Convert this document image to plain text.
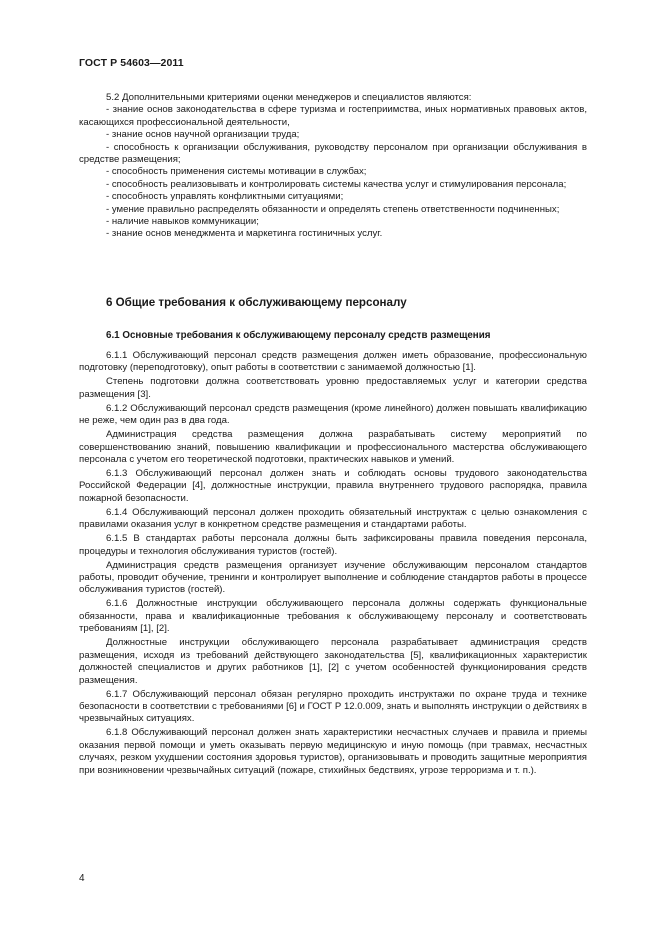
ГОСТ Р 54603—2011

5.2 Дополнительными критериями оценки менеджеров и специалистов являются:

- знание основ законодательства в сфере туризма и гостеприимства, иных нормативных правовых актов, касающихся профессиональной деятельности,

- знание основ научной организации труда;

- способность к организации обслуживания, руководству персоналом при организации обслуживания в средстве размещения;

- способность применения системы мотивации в службах;

- способность реализовывать и контролировать системы качества услуг и стимулирования персонала;

- способность управлять конфликтными ситуациями;

- умение правильно распределять обязанности и определять степень ответственности подчиненных;

- наличие навыков коммуникации;

- знание основ менеджмента и маркетинга гостиничных услуг.

6 Общие требования к обслуживающему персоналу
6.1 Основные требования к обслуживающему персоналу средств размещения

6.1.1 Обслуживающий персонал средств размещения должен иметь образование, профессиональную подготовку (переподготовку), опыт работы в соответствии с занимаемой должностью [1].

Степень подготовки должна соответствовать уровню предоставляемых услуг и категории средства размещения [3].

6.1.2 Обслуживающий персонал средств размещения (кроме линейного) должен повышать квалификацию не реже, чем один раз в два года.

Администрация средства размещения должна разрабатывать систему мероприятий по совершенствованию знаний, повышению квалификации и профессионального мастерства обслуживающего персонала с учетом его теоретической подготовки, практических навыков и умений.

6.1.3 Обслуживающий персонал должен знать и соблюдать основы трудового законодательства Российской Федерации [4], должностные инструкции, правила внутреннего трудового распорядка, правила пожарной безопасности.

6.1.4 Обслуживающий персонал должен проходить обязательный инструктаж с целью ознакомления с правилами оказания услуг в конкретном средстве размещения и стандартами работы.

6.1.5 В стандартах работы персонала должны быть зафиксированы правила поведения персонала, процедуры и технология обслуживания туристов (гостей).

Администрация средств размещения организует изучение обслуживающим персоналом стандартов работы, проводит обучение, тренинги и контролирует выполнение и соблюдение стандартов работы в процессе обслуживания туристов (гостей).

6.1.6 Должностные инструкции обслуживающего персонала должны содержать функциональные обязанности, права и квалификационные требования к обслуживающему персоналу и соответствовать требованиям [1], [2].

Должностные инструкции обслуживающего персонала разрабатывает администрация средств размещения, исходя из требований действующего законодательства [5], квалификационных характеристик должностей специалистов и других работников [1], [2] с учетом особенностей функционирования средств размещения.

6.1.7 Обслуживающий персонал обязан регулярно проходить инструктажи по охране труда и технике безопасности в соответствии с требованиями [6] и ГОСТ Р 12.0.009, знать и выполнять инструкции о действиях в чрезвычайных ситуациях.

6.1.8 Обслуживающий персонал должен знать характеристики несчастных случаев и правила и приемы оказания первой помощи и уметь оказывать первую медицинскую и иную помощь (при травмах, несчастных случаях, резком ухудшении состояния здоровья туристов), организовывать и проводить защитные мероприятия при возникновении чрезвычайных ситуаций (пожаре, стихийных бедствиях, угрозе терроризма и т. п.).

4
